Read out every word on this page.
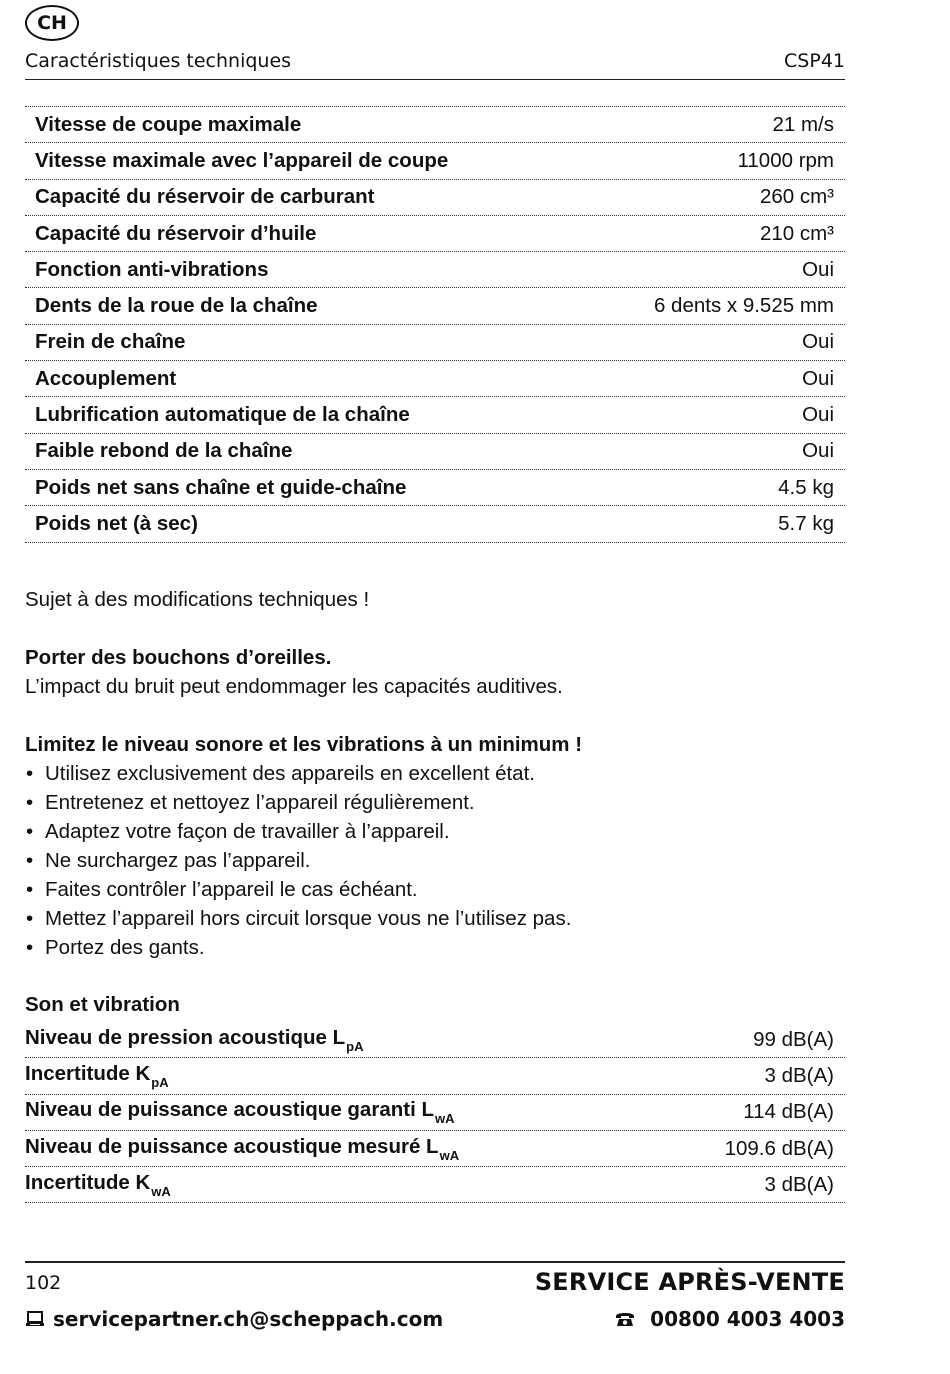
CH
Caractéristiques techniques	CSP41
Vitesse de coupe maximale	21 m/s
Vitesse maximale avec l’appareil de coupe	11000 rpm
Capacité du réservoir de carburant	260 cm³
Capacité du réservoir d’huile	210 cm³
Fonction anti-vibrations	Oui
Dents de la roue de la chaîne	6 dents x 9.525 mm
Frein de chaîne	Oui
Accouplement	Oui
Lubrification automatique de la chaîne	Oui
Faible rebond de la chaîne	Oui
Poids net sans chaîne et guide-chaîne	4.5 kg
Poids net (à sec)	5.7 kg
Sujet à des modifications techniques !
Porter des bouchons d’oreilles.
L’impact du bruit peut endommager les capacités auditives.
Limitez le niveau sonore et les vibrations à un minimum !
• Utilisez exclusivement des appareils en excellent état.
• Entretenez et nettoyez l’appareil régulièrement.
• Adaptez votre façon de travailler à l’appareil.
• Ne surchargez pas l’appareil.
• Faites contrôler l’appareil le cas échéant.
• Mettez l’appareil hors circuit lorsque vous ne l’utilisez pas.
• Portez des gants.
Son et vibration
Niveau de pression acoustique $L_{pA}$	99 dB(A)
Incertitude $K_{pA}$	3 dB(A)
Niveau de puissance acoustique garanti $L_{wA}$	114 dB(A)
Niveau de puissance acoustique mesuré $L_{wA}$	109.6 dB(A)
Incertitude $K_{wA}$	3 dB(A)
102	SERVICE APRÈS-VENTE
servicepartner.ch@scheppach.com	00800 4003 4003
